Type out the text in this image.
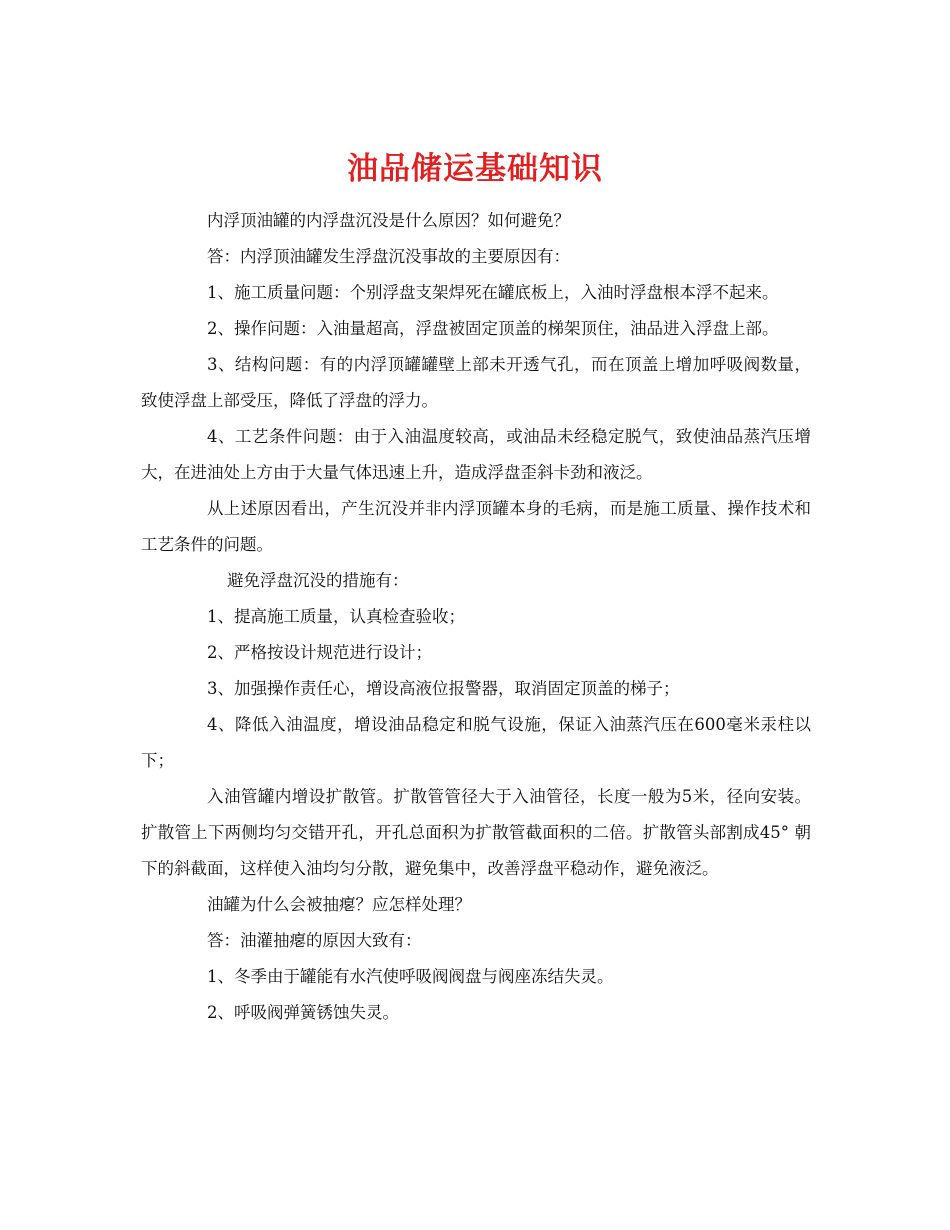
油品储运基础知识

内浮顶油罐的内浮盘沉没是什么原因？如何避免？

答：内浮顶油罐发生浮盘沉没事故的主要原因有：

1、施工质量问题：个别浮盘支架焊死在罐底板上，入油时浮盘根本浮不起来。

2、操作问题：入油量超高，浮盘被固定顶盖的梯架顶住，油品进入浮盘上部。

3、结构问题：有的内浮顶罐罐壁上部未开透气孔，而在顶盖上增加呼吸阀数量，致使浮盘上部受压，降低了浮盘的浮力。

4、工艺条件问题：由于入油温度较高，或油品未经稳定脱气，致使油品蒸汽压增大，在进油处上方由于大量气体迅速上升，造成浮盘歪斜卡劲和液泛。

从上述原因看出，产生沉没并非内浮顶罐本身的毛病，而是施工质量、操作技术和工艺条件的问题。

避免浮盘沉没的措施有：

1、提高施工质量，认真检查验收；

2、严格按设计规范进行设计；

3、加强操作责任心，增设高液位报警器，取消固定顶盖的梯子；

4、降低入油温度，增设油品稳定和脱气设施，保证入油蒸汽压在600毫米汞柱以下；

入油管罐内增设扩散管。扩散管管径大于入油管径，长度一般为5米，径向安装。扩散管上下两侧均匀交错开孔，开孔总面积为扩散管截面积的二倍。扩散管头部割成45° 朝下的斜截面，这样使入油均匀分散，避免集中，改善浮盘平稳动作，避免液泛。

油罐为什么会被抽瘪？应怎样处理？

答：油灌抽瘪的原因大致有：

1、冬季由于罐能有水汽使呼吸阀阀盘与阀座冻结失灵。

2、呼吸阀弹簧锈蚀失灵。
